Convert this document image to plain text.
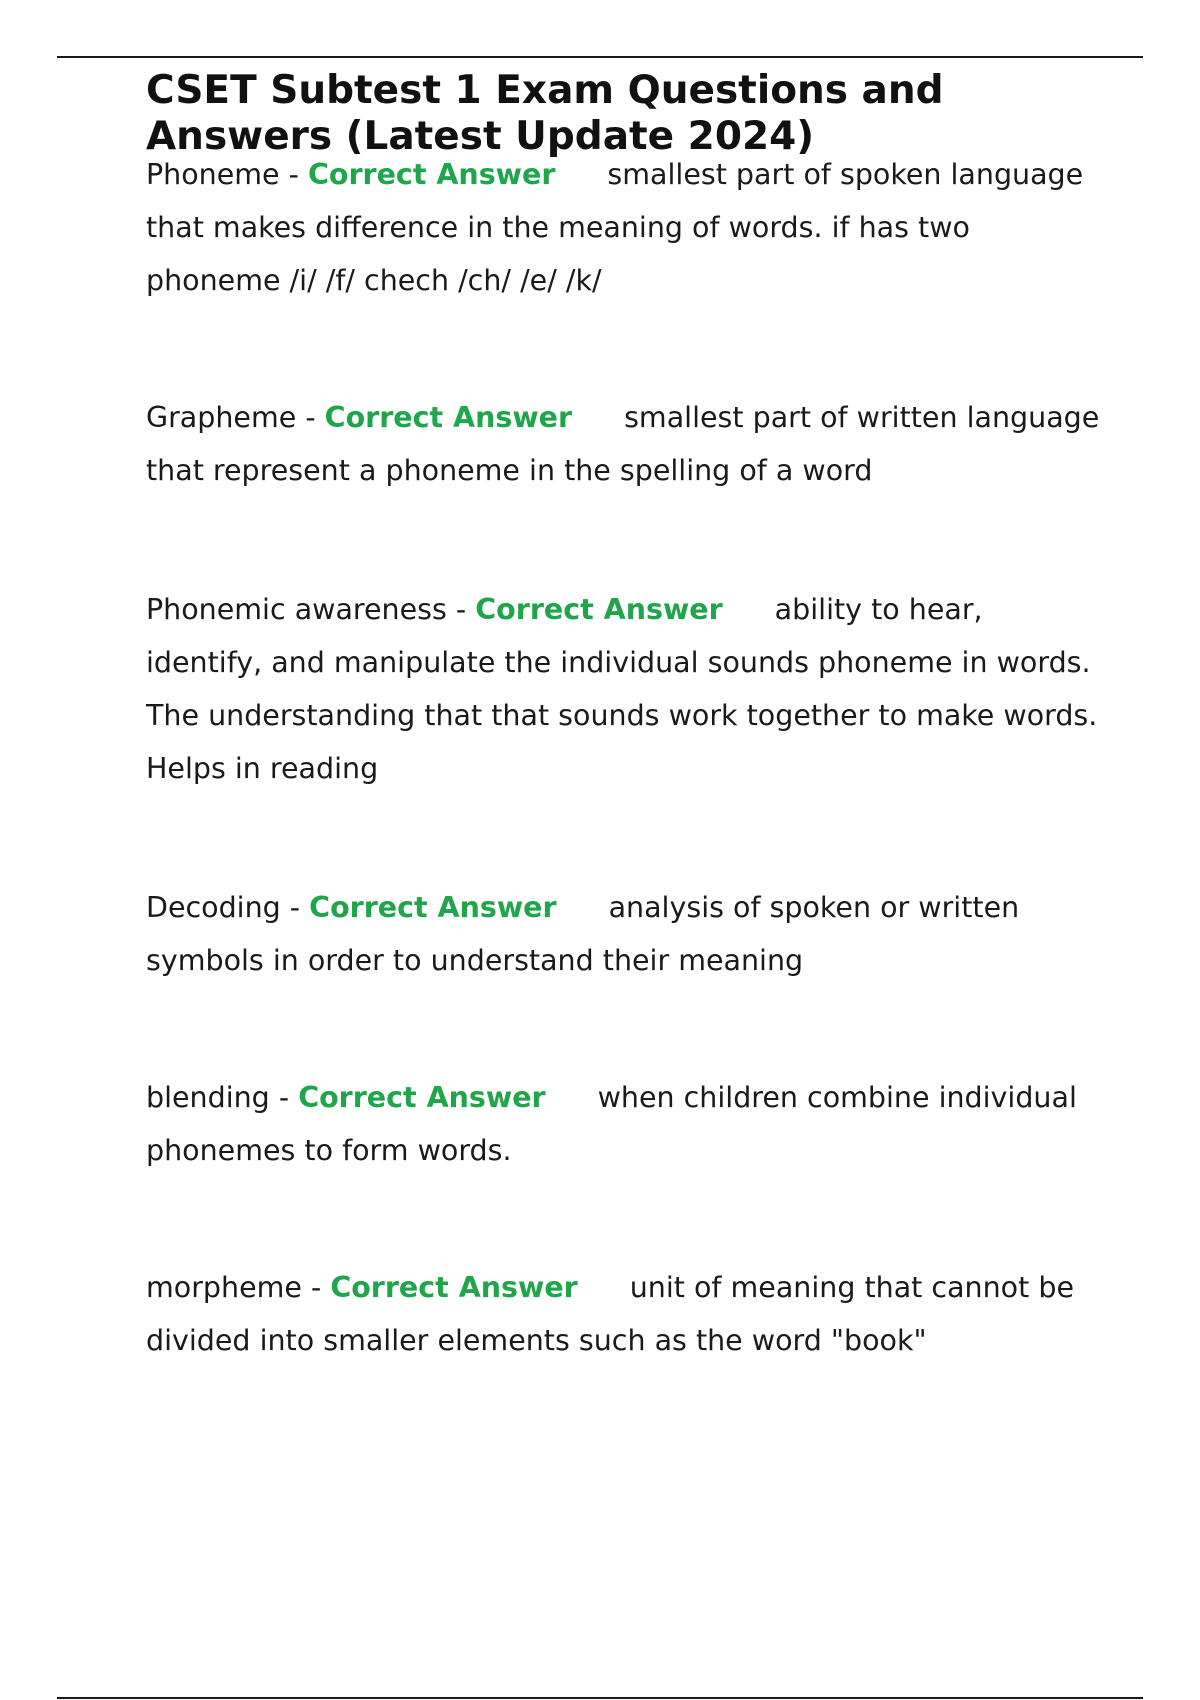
CSET Subtest 1 Exam Questions and Answers (Latest Update 2024)

Phoneme - Correct Answer smallest part of spoken language that makes difference in the meaning of words. if has two phoneme /i/ /f/ chech /ch/ /e/ /k/

Grapheme - Correct Answer smallest part of written language that represent a phoneme in the spelling of a word

Phonemic awareness - Correct Answer ability to hear, identify, and manipulate the individual sounds phoneme in words. The understanding that that sounds work together to make words. Helps in reading

Decoding - Correct Answer analysis of spoken or written symbols in order to understand their meaning

blending - Correct Answer when children combine individual phonemes to form words.

morpheme - Correct Answer unit of meaning that cannot be divided into smaller elements such as the word "book"
